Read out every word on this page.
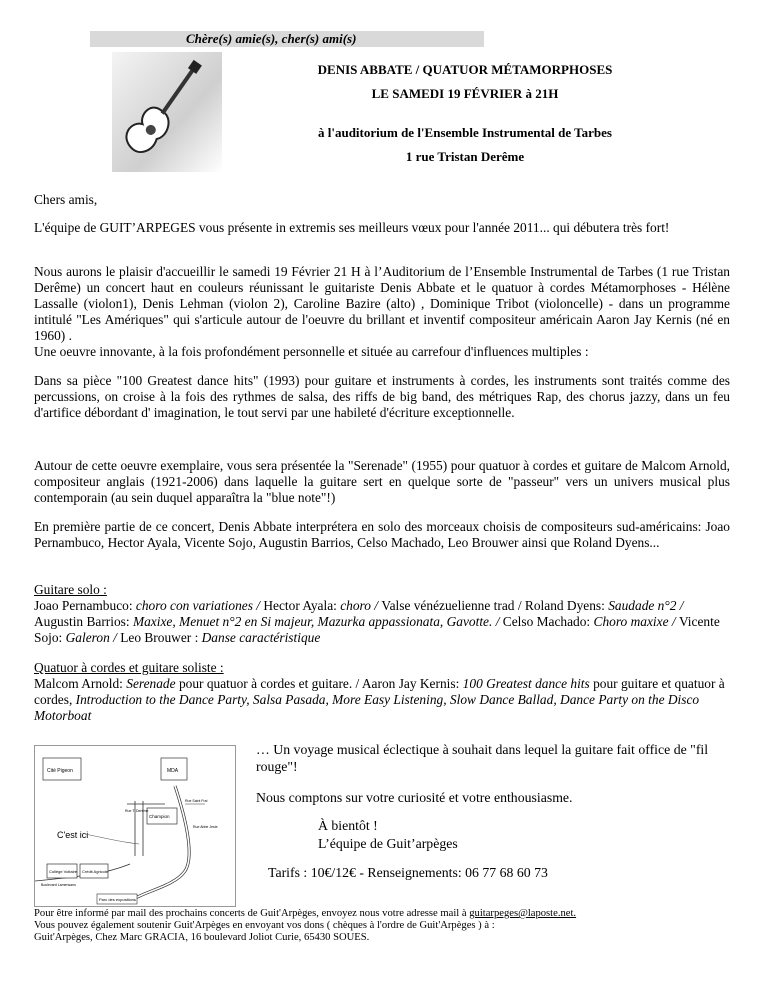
Chère(s) amie(s), cher(s) ami(s)
DENIS ABBATE / QUATUOR MÉTAMORPHOSES
LE SAMEDI 19 FÉVRIER à 21H
à l'auditorium de l'Ensemble Instrumental de Tarbes
1 rue Tristan Derême

Chers amis,

L'équipe de GUIT’ARPEGES vous présente in extremis ses meilleurs vœux pour l'année 2011... qui débutera très fort!

Nous aurons le plaisir d'accueillir le samedi 19 Février 21 H à l’Auditorium de l’Ensemble Instrumental de Tarbes (1 rue Tristan Derême) un concert haut en couleurs réunissant le guitariste Denis Abbate et le quatuor à cordes Métamorphoses - Hélène Lassalle (violon1), Denis Lehman (violon 2), Caroline Bazire (alto) , Dominique Tribot (violoncelle) - dans un programme intitulé "Les Amériques" qui s'articule autour de l'oeuvre du brillant et inventif compositeur américain Aaron Jay Kernis (né en 1960) .

Une oeuvre innovante, à la fois profondément personnelle et située au carrefour d'influences multiples :

Dans sa pièce "100 Greatest dance hits" (1993) pour guitare et instruments à cordes, les instruments sont traités comme des percussions, on croise à la fois des rythmes de salsa, des riffs de big band, des métriques Rap, des chorus jazzy, dans un feu d'artifice débordant d' imagination, le tout servi par une habileté d'écriture exceptionnelle.

Autour de cette oeuvre exemplaire, vous sera présentée la "Serenade" (1955) pour quatuor à cordes et guitare de Malcom Arnold, compositeur anglais (1921-2006) dans laquelle la guitare sert en quelque sorte de "passeur" vers un univers musical plus contemporain (au sein duquel apparaîtra la "blue note"!)

En première partie de ce concert, Denis Abbate interprétera en solo des morceaux choisis de compositeurs sud-américains: Joao Pernambuco, Hector Ayala, Vicente Sojo, Augustin Barrios, Celso Machado, Leo Brouwer ainsi que Roland Dyens...

Guitare solo :

Joao Pernambuco: choro con variationes / Hector Ayala: choro / Valse vénézuelienne trad / Roland Dyens: Saudade n°2 / Augustin Barrios: Maxixe, Menuet n°2 en Si majeur, Mazurka appassionata, Gavotte. / Celso Machado: Choro maxixe / Vicente Sojo: Galeron / Leo Brouwer : Danse caractéristique

Quatuor à cordes et guitare soliste :

Malcom Arnold: Serenade pour quatuor à cordes et guitare. / Aaron Jay Kernis: 100 Greatest dance hits pour guitare et quatuor à cordes, Introduction to the Dance Party, Salsa Pasada, More Easy Listening, Slow Dance Ballad, Dance Party on the Disco Motorboat

Cité Pigeon	MDA
Champion
Rue T. Derême
Rue Saint Frai
Rue Abbe Jesie
C'est ici
Collège Voltaire Crédit Agricole
Boulevard Lamensans
Parc des expositions
… Un voyage musical éclectique à souhait dans lequel la guitare fait office de "fil rouge"!
Nous comptons sur votre curiosité et votre enthousiasme.
À bientôt !
L’équipe de Guit’arpèges
Tarifs : 10€/12€ - Renseignements: 06 77 68 60 73
Pour être informé par mail des prochains concerts de Guit'Arpèges, envoyez nous votre adresse mail à guitarpeges@laposte.net.
Vous pouvez également soutenir Guit'Arpèges en envoyant vos dons ( chèques à l'ordre de Guit'Arpèges ) à :
Guit'Arpèges, Chez Marc GRACIA, 16 boulevard Joliot Curie, 65430 SOUES.
